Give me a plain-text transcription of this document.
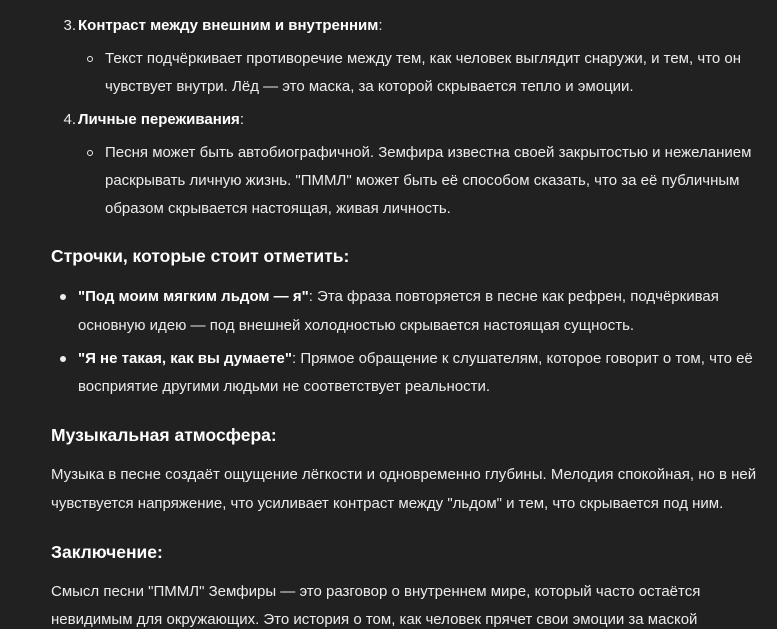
3. Контраст между внешним и внутренним:
Текст подчёркивает противоречие между тем, как человек выглядит снаружи, и тем, что он
чувствует внутри. Лёд — это маска, за которой скрывается тепло и эмоции.
4. Личные переживания:
Песня может быть автобиографичной. Земфира известна своей закрытостью и нежеланием
раскрывать личную жизнь. "ПММЛ" может быть её способом сказать, что за её публичным
образом скрывается настоящая, живая личность.
Строчки, которые стоит отметить:
"Под моим мягким льдом — я": Эта фраза повторяется в песне как рефрен, подчёркивая
основную идею — под внешней холодностью скрывается настоящая сущность.
"Я не такая, как вы думаете": Прямое обращение к слушателям, которое говорит о том, что её
восприятие другими людьми не соответствует реальности.
Музыкальная атмосфера:
Музыка в песне создаёт ощущение лёгкости и одновременно глубины. Мелодия спокойная, но в ней
чувствуется напряжение, что усиливает контраст между "льдом" и тем, что скрывается под ним.
Заключение:
Смысл песни "ПММЛ" Земфиры — это разговор о внутреннем мире, который часто остаётся
невидимым для окружающих. Это история о том, как человек прячет свои эмоции за маской
